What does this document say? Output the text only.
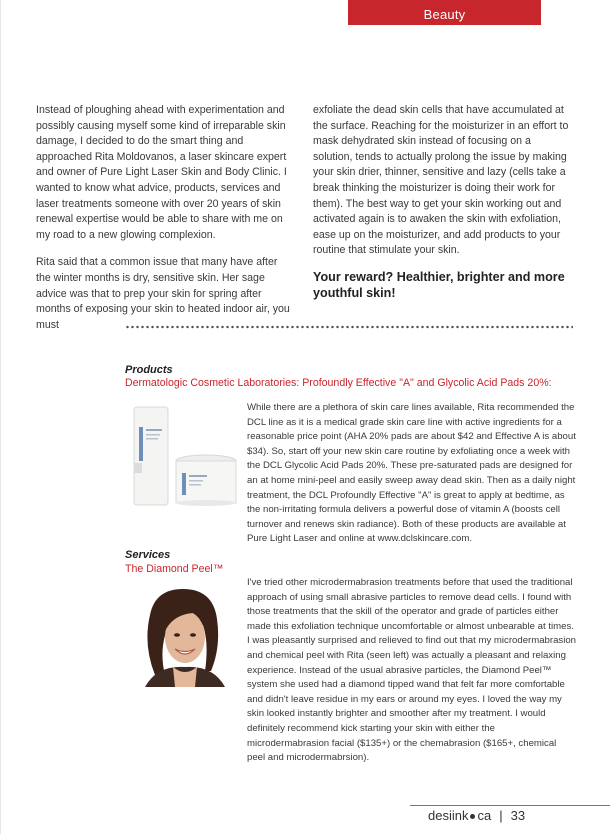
Beauty

Instead of ploughing ahead with experimentation and possibly causing myself some kind of irreparable skin damage, I decided to do the smart thing and approached Rita Moldovanos, a laser skincare expert and owner of Pure Light Laser Skin and Body Clinic. I wanted to know what advice, products, services and laser treatments someone with over 20 years of skin renewal expertise would be able to share with me on my road to a new glowing complexion.

Rita said that a common issue that many have after the winter months is dry, sensitive skin. Her sage advice was that to prep your skin for spring after months of exposing your skin to heated indoor air, you must

exfoliate the dead skin cells that have accumulated at the surface. Reaching for the moisturizer in an effort to mask dehydrated skin instead of focusing on a solution, tends to actually prolong the issue by making your skin drier, thinner, sensitive and lazy (cells take a break thinking the moisturizer is doing their work for them). The best way to get your skin working out and activated again is to awaken the skin with exfoliation, ease up on the moisturizer, and add products to your routine that stimulate your skin.

Your reward? Healthier, brighter and more youthful skin!
Products
Dermatologic Cosmetic Laboratories: Profoundly Effective "A" and Glycolic Acid Pads 20%:

While there are a plethora of skin care lines available, Rita recommended the DCL line as it is a medical grade skin care line with active ingredients for a reasonable price point (AHA 20% pads are about $42 and Effective A is about $34). So, start off your new skin care routine by exfoliating once a week with the DCL Glycolic Acid Pads 20%. These pre-saturated pads are designed for an at home mini-peel and easily sweep away dead skin. Then as a daily night treatment, the DCL Profoundly Effective "A" is great to apply at bedtime, as the non-irritating formula delivers a powerful dose of vitamin A (boosts cell turnover and renews skin radiance). Both of these products are available at Pure Light Laser and online at www.dclskincare.com.

Services
The Diamond Peel™

I've tried other microdermabrasion treatments before that used the traditional approach of using small abrasive particles to remove dead cells. I found with those treatments that the skill of the operator and grade of particles either made this exfoliation technique uncomfortable or almost unbearable at times. I was pleasantly surprised and relieved to find out that my microdermabrasion and chemical peel with Rita (seen left) was actually a pleasant and relaxing experience. Instead of the usual abrasive particles, the Diamond Peel™ system she used had a diamond tipped wand that felt far more comfortable and didn't leave residue in my ears or around my eyes. I loved the way my skin looked instantly brighter and smoother after my treatment. I would definitely recommend kick starting your skin with either the microdermabrasion facial ($135+) or the chemabrasion ($165+, chemical peel and microdermabrsion).

desiink ca | 33
